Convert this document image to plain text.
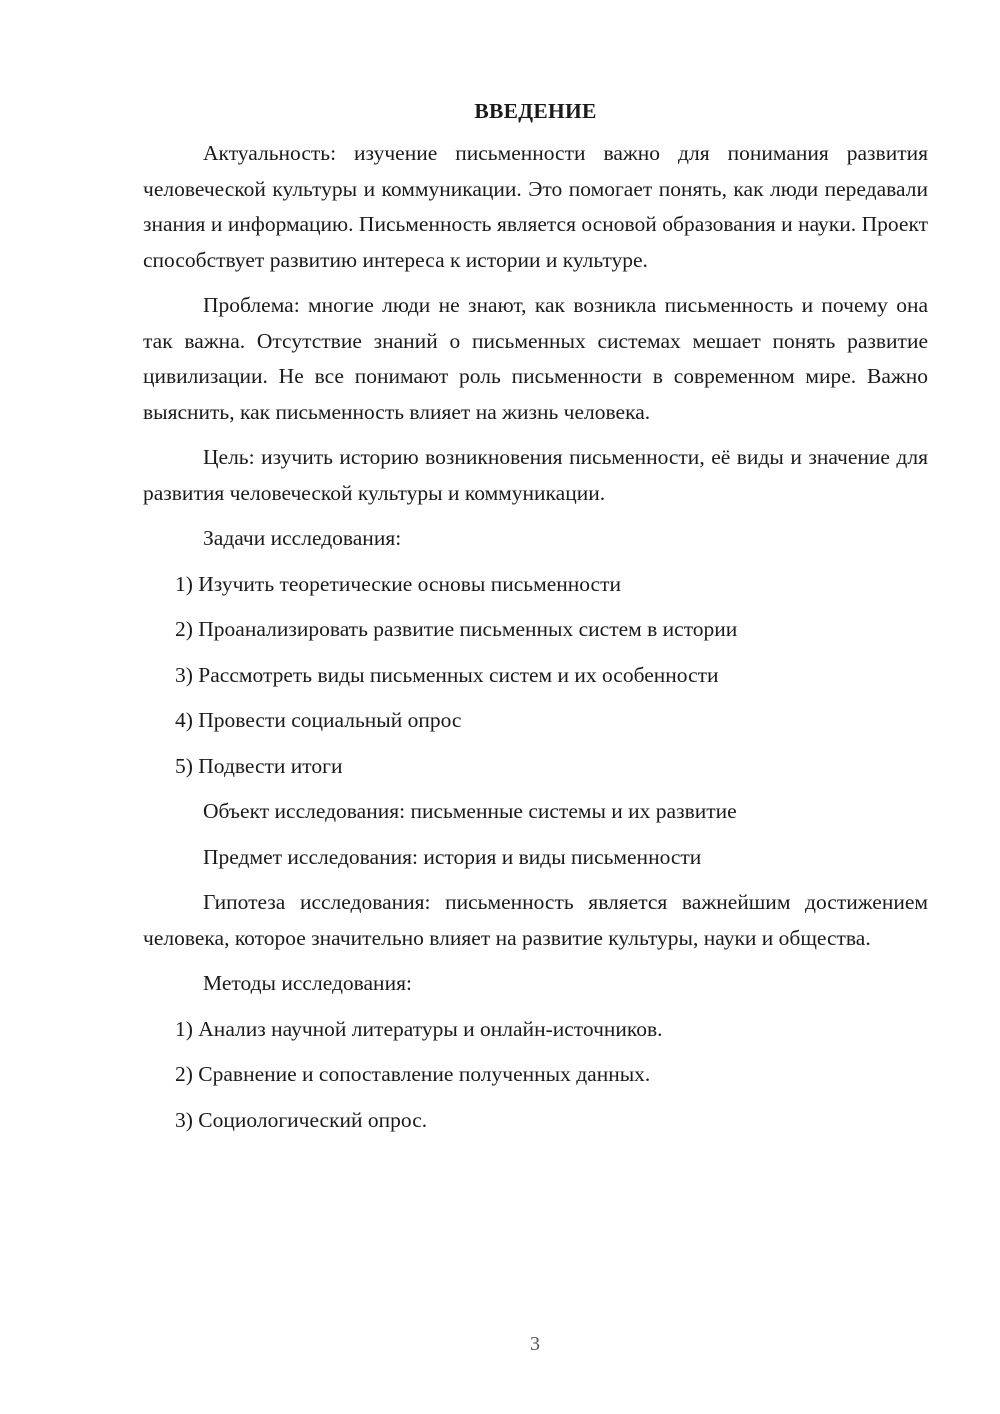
ВВЕДЕНИЕ

Актуальность: изучение письменности важно для понимания развития человеческой культуры и коммуникации. Это помогает понять, как люди передавали знания и информацию. Письменность является основой образования и науки. Проект способствует развитию интереса к истории и культуре.

Проблема: многие люди не знают, как возникла письменность и почему она так важна. Отсутствие знаний о письменных системах мешает понять развитие цивилизации. Не все понимают роль письменности в современном мире. Важно выяснить, как письменность влияет на жизнь человека.

Цель: изучить историю возникновения письменности, её виды и значение для развития человеческой культуры и коммуникации.

Задачи исследования:

1) Изучить теоретические основы письменности

2) Проанализировать развитие письменных систем в истории

3) Рассмотреть виды письменных систем и их особенности

4) Провести социальный опрос

5) Подвести итоги

Объект исследования: письменные системы и их развитие

Предмет исследования: история и виды письменности

Гипотеза исследования: письменность является важнейшим достижением человека, которое значительно влияет на развитие культуры, науки и общества.

Методы исследования:

1) Анализ научной литературы и онлайн-источников.

2) Сравнение и сопоставление полученных данных.

3) Социологический опрос.

3
